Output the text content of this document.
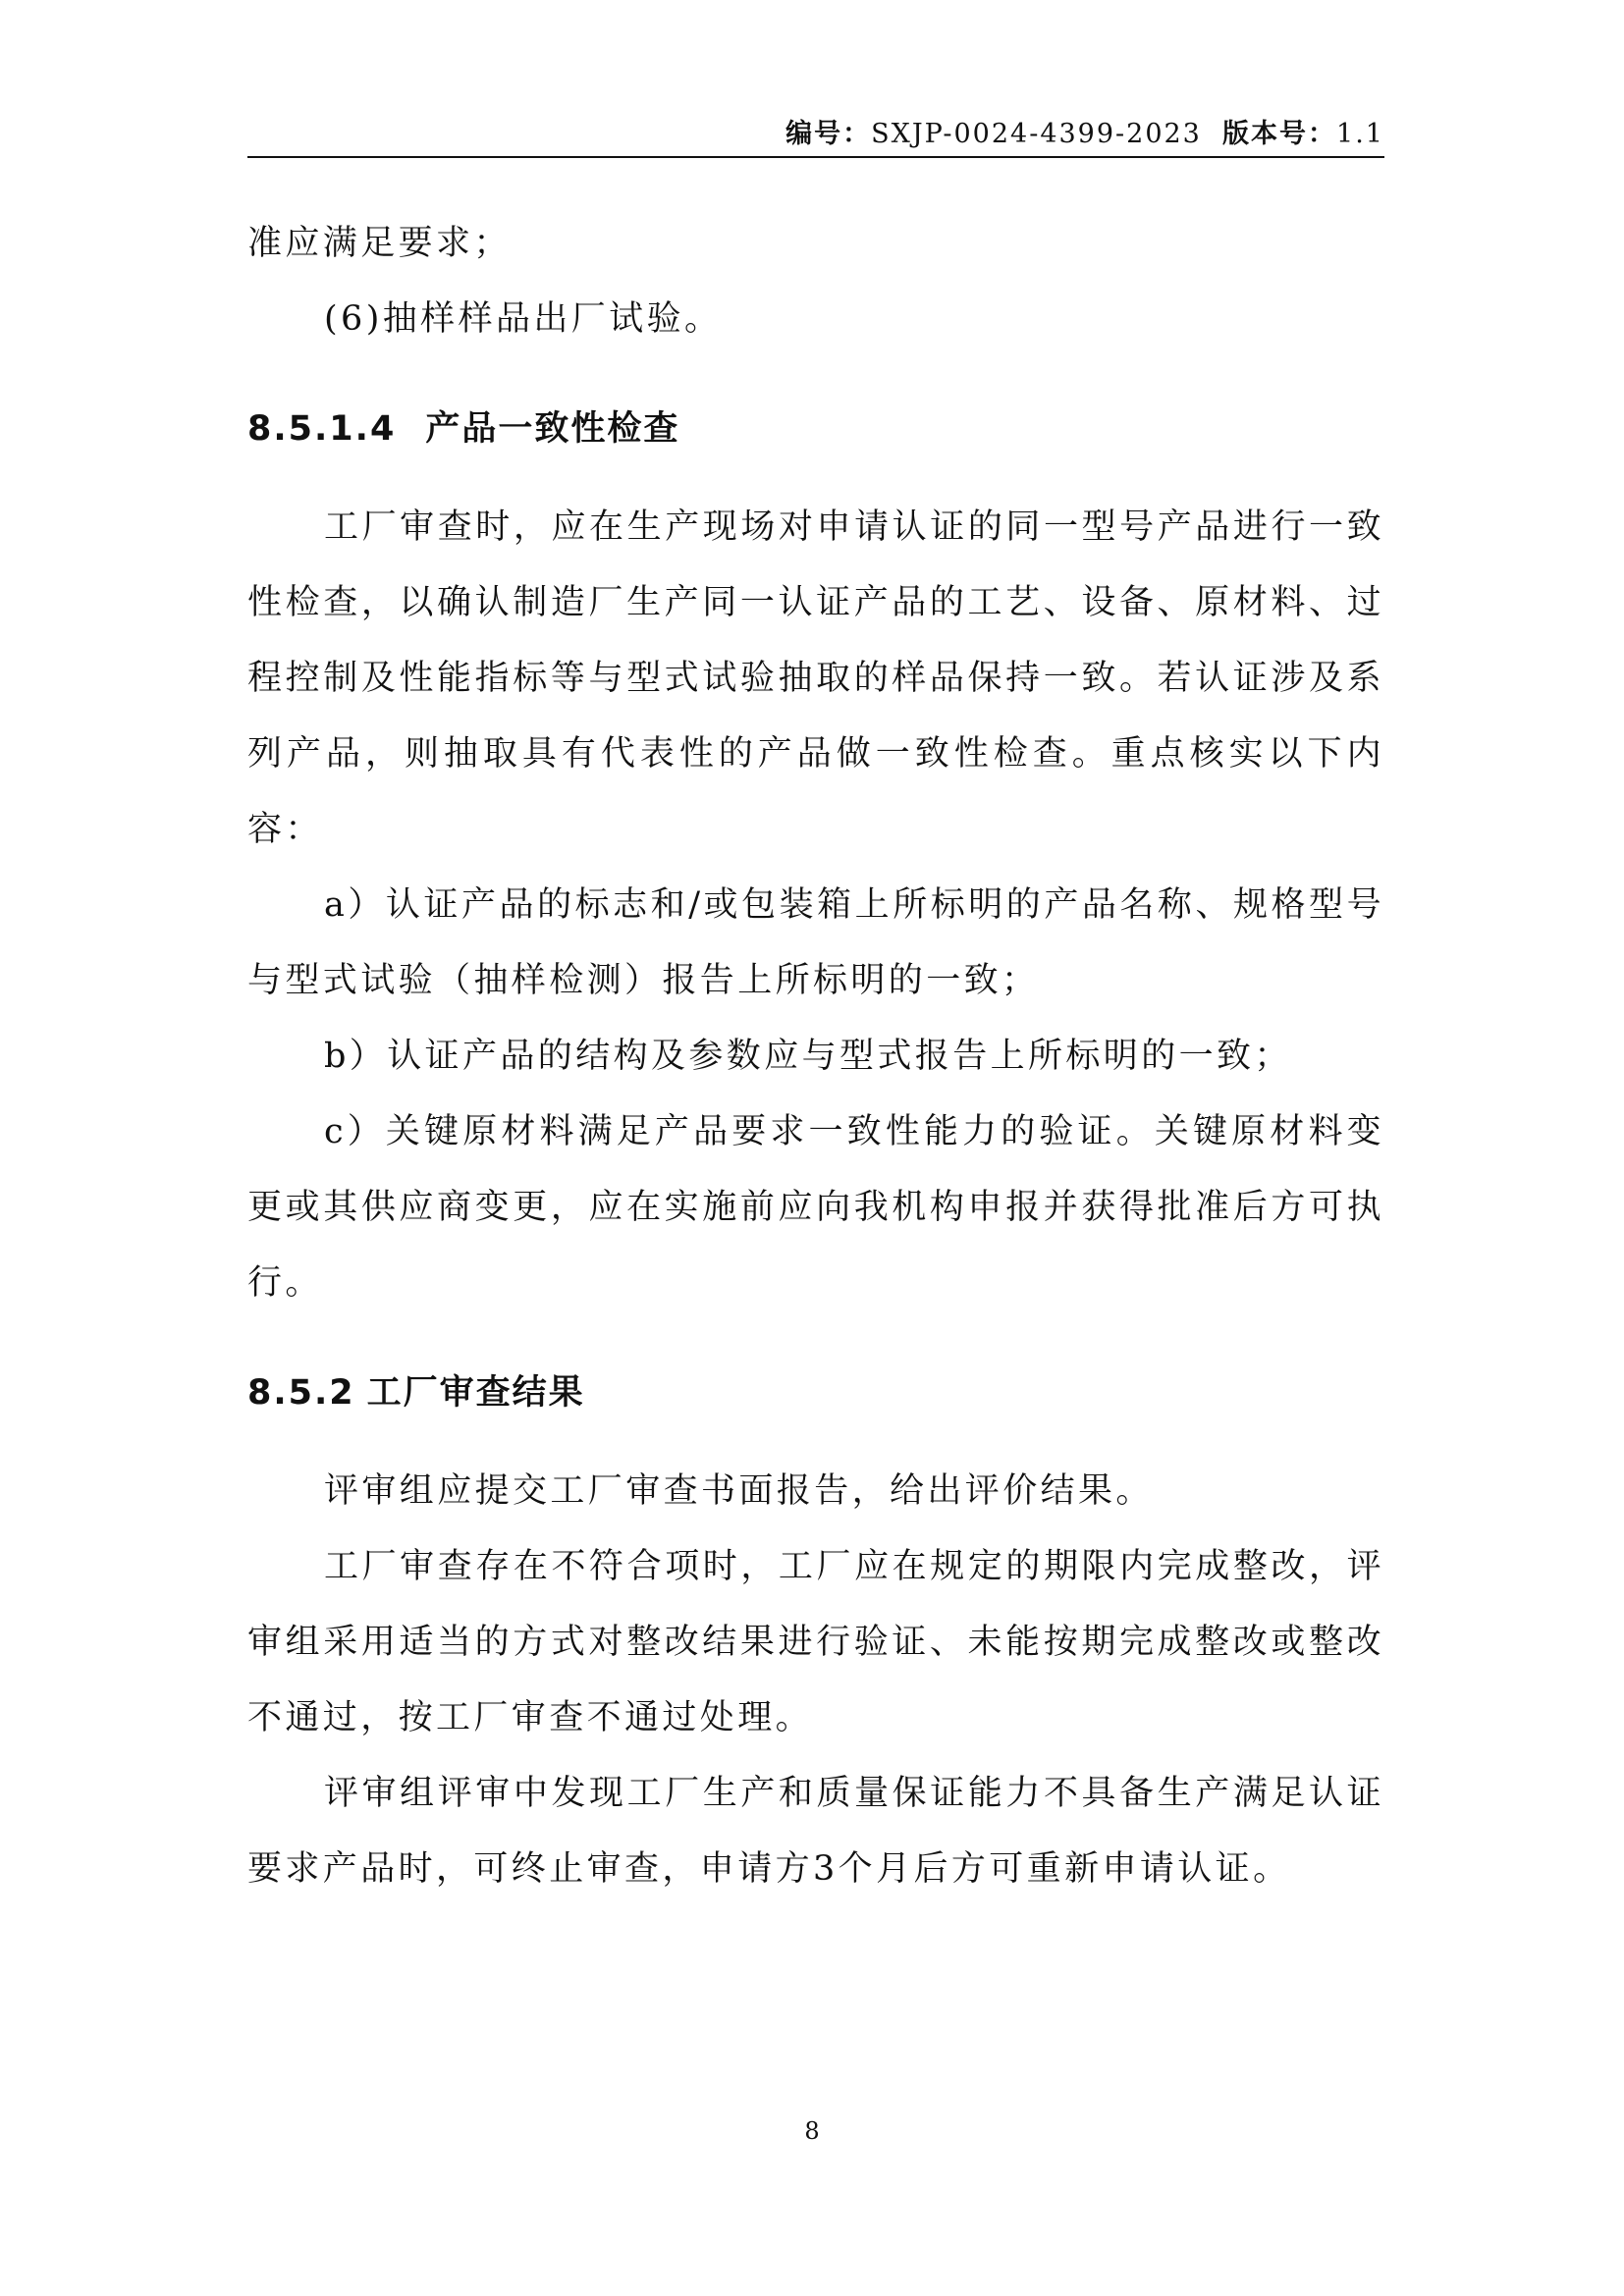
编号：SXJP-0024-4399-2023 版本号：1.1

准应满足要求；

(6)抽样样品出厂试验。

8.5.1.4 产品一致性检查

工厂审查时，应在生产现场对申请认证的同一型号产品进行一致性检查，以确认制造厂生产同一认证产品的工艺、设备、原材料、过程控制及性能指标等与型式试验抽取的样品保持一致。若认证涉及系列产品，则抽取具有代表性的产品做一致性检查。重点核实以下内容：

a）认证产品的标志和/或包装箱上所标明的产品名称、规格型号与型式试验（抽样检测）报告上所标明的一致；

b）认证产品的结构及参数应与型式报告上所标明的一致；

c）关键原材料满足产品要求一致性能力的验证。关键原材料变更或其供应商变更，应在实施前应向我机构申报并获得批准后方可执行。

8.5.2 工厂审查结果

评审组应提交工厂审查书面报告，给出评价结果。

工厂审查存在不符合项时，工厂应在规定的期限内完成整改，评审组采用适当的方式对整改结果进行验证、未能按期完成整改或整改不通过，按工厂审查不通过处理。

评审组评审中发现工厂生产和质量保证能力不具备生产满足认证要求产品时，可终止审查，申请方3个月后方可重新申请认证。

8
